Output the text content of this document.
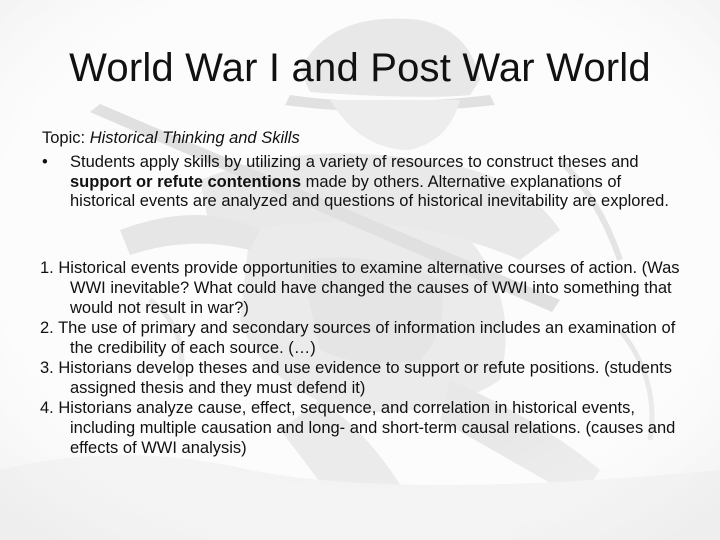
World War I and Post War World
Topic: Historical Thinking and Skills
• Students apply skills by utilizing a variety of resources to construct theses and support or refute contentions made by others. Alternative explanations of historical events are analyzed and questions of historical inevitability are explored.
1. Historical events provide opportunities to examine alternative courses of action. (Was WWI inevitable? What could have changed the causes of WWI into something that would not result in war?)
2. The use of primary and secondary sources of information includes an examination of the credibility of each source. (…)
3. Historians develop theses and use evidence to support or refute positions. (students assigned thesis and they must defend it)
4. Historians analyze cause, effect, sequence, and correlation in historical events, including multiple causation and long- and short-term causal relations. (causes and effects of WWI analysis)
